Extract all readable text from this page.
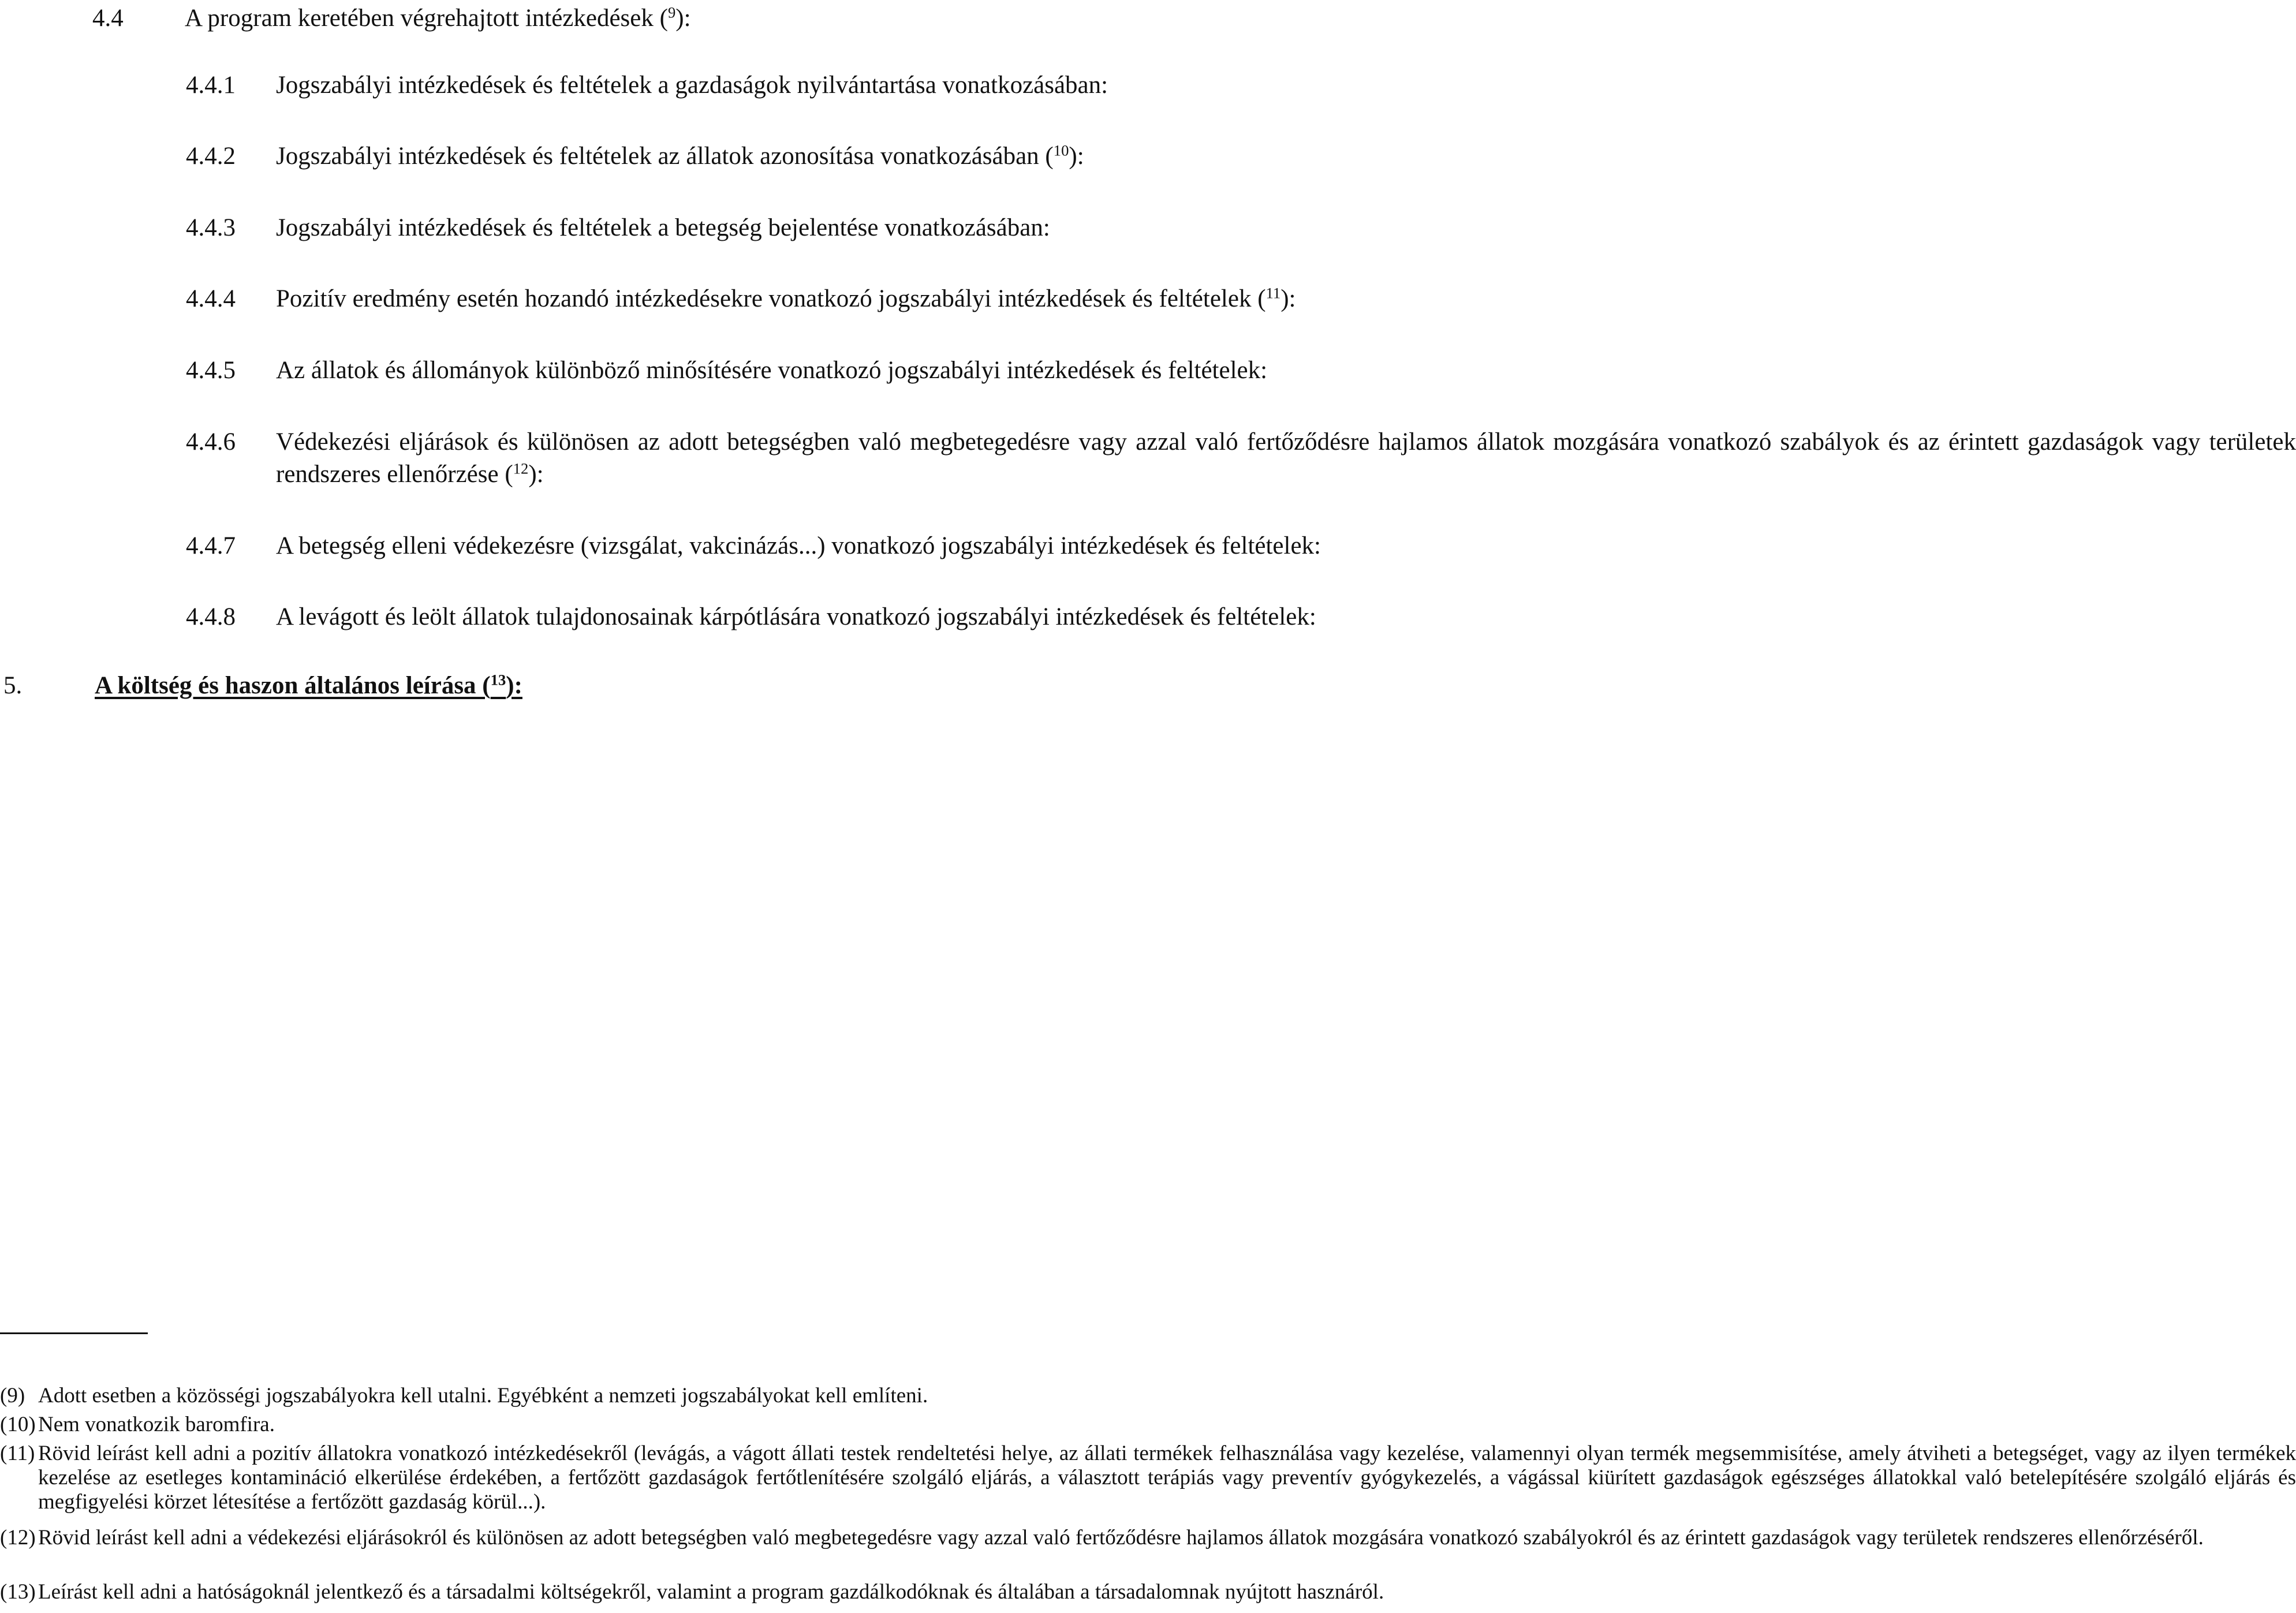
4.4 A program keretében végrehajtott intézkedések ($^9$):
4.4.1 Jogszabályi intézkedések és feltételek a gazdaságok nyilvántartása vonatkozásában:
4.4.2 Jogszabályi intézkedések és feltételek az állatok azonosítása vonatkozásában ($^{10}$):
4.4.3 Jogszabályi intézkedések és feltételek a betegség bejelentése vonatkozásában:
4.4.4 Pozitív eredmény esetén hozandó intézkedésekre vonatkozó jogszabályi intézkedések és feltételek ($^{11}$):
4.4.5 Az állatok és állományok különböző minősítésére vonatkozó jogszabályi intézkedések és feltételek:
4.4.6 Védekezési eljárások és különösen az adott betegségben való megbetegedésre vagy azzal való fertőződésre hajlamos állatok mozgására vonatkozó szabályok és az érintett gazdaságok vagy területek rendszeres ellenőrzése ($^{12}$):
4.4.7 A betegség elleni védekezésre (vizsgálat, vakcinázás...) vonatkozó jogszabályi intézkedések és feltételek:
4.4.8 A levágott és leölt állatok tulajdonosainak kárpótlására vonatkozó jogszabályi intézkedések és feltételek:
5.	A költség és haszon általános leírása ($^{13}$):
(9) Adott esetben a közösségi jogszabályokra kell utalni. Egyébként a nemzeti jogszabályokat kell említeni.
(10) Nem vonatkozik baromfira.
(11) Rövid leírást kell adni a pozitív állatokra vonatkozó intézkedésekről (levágás, a vágott állati testek rendeltetési helye, az állati termékek felhasználása vagy kezelése, valamennyi olyan termék megsemmisítése, amely átviheti a betegséget, vagy az ilyen termékek kezelése az esetleges kontamináció elkerülése érdekében, a fertőzött gazdaságok fertőtlenítésére szolgáló eljárás, a választott terápiás vagy preventív gyógykezelés, a vágással kiürített gazdaságok egészséges állatokkal való betelepítésére szolgáló eljárás és megfigyelési körzet létesítése a fertőzött gazdaság körül...).
(12) Rövid leírást kell adni a védekezési eljárásokról és különösen az adott betegségben való megbetegedésre vagy azzal való fertőződésre hajlamos állatok mozgására vonatkozó szabályokról és az érintett gazdaságok vagy területek rendszeres ellenőrzéséről.
(13) Leírást kell adni a hatóságoknál jelentkező és a társadalmi költségekről, valamint a program gazdálkodóknak és általában a társadalomnak nyújtott hasznáról.
